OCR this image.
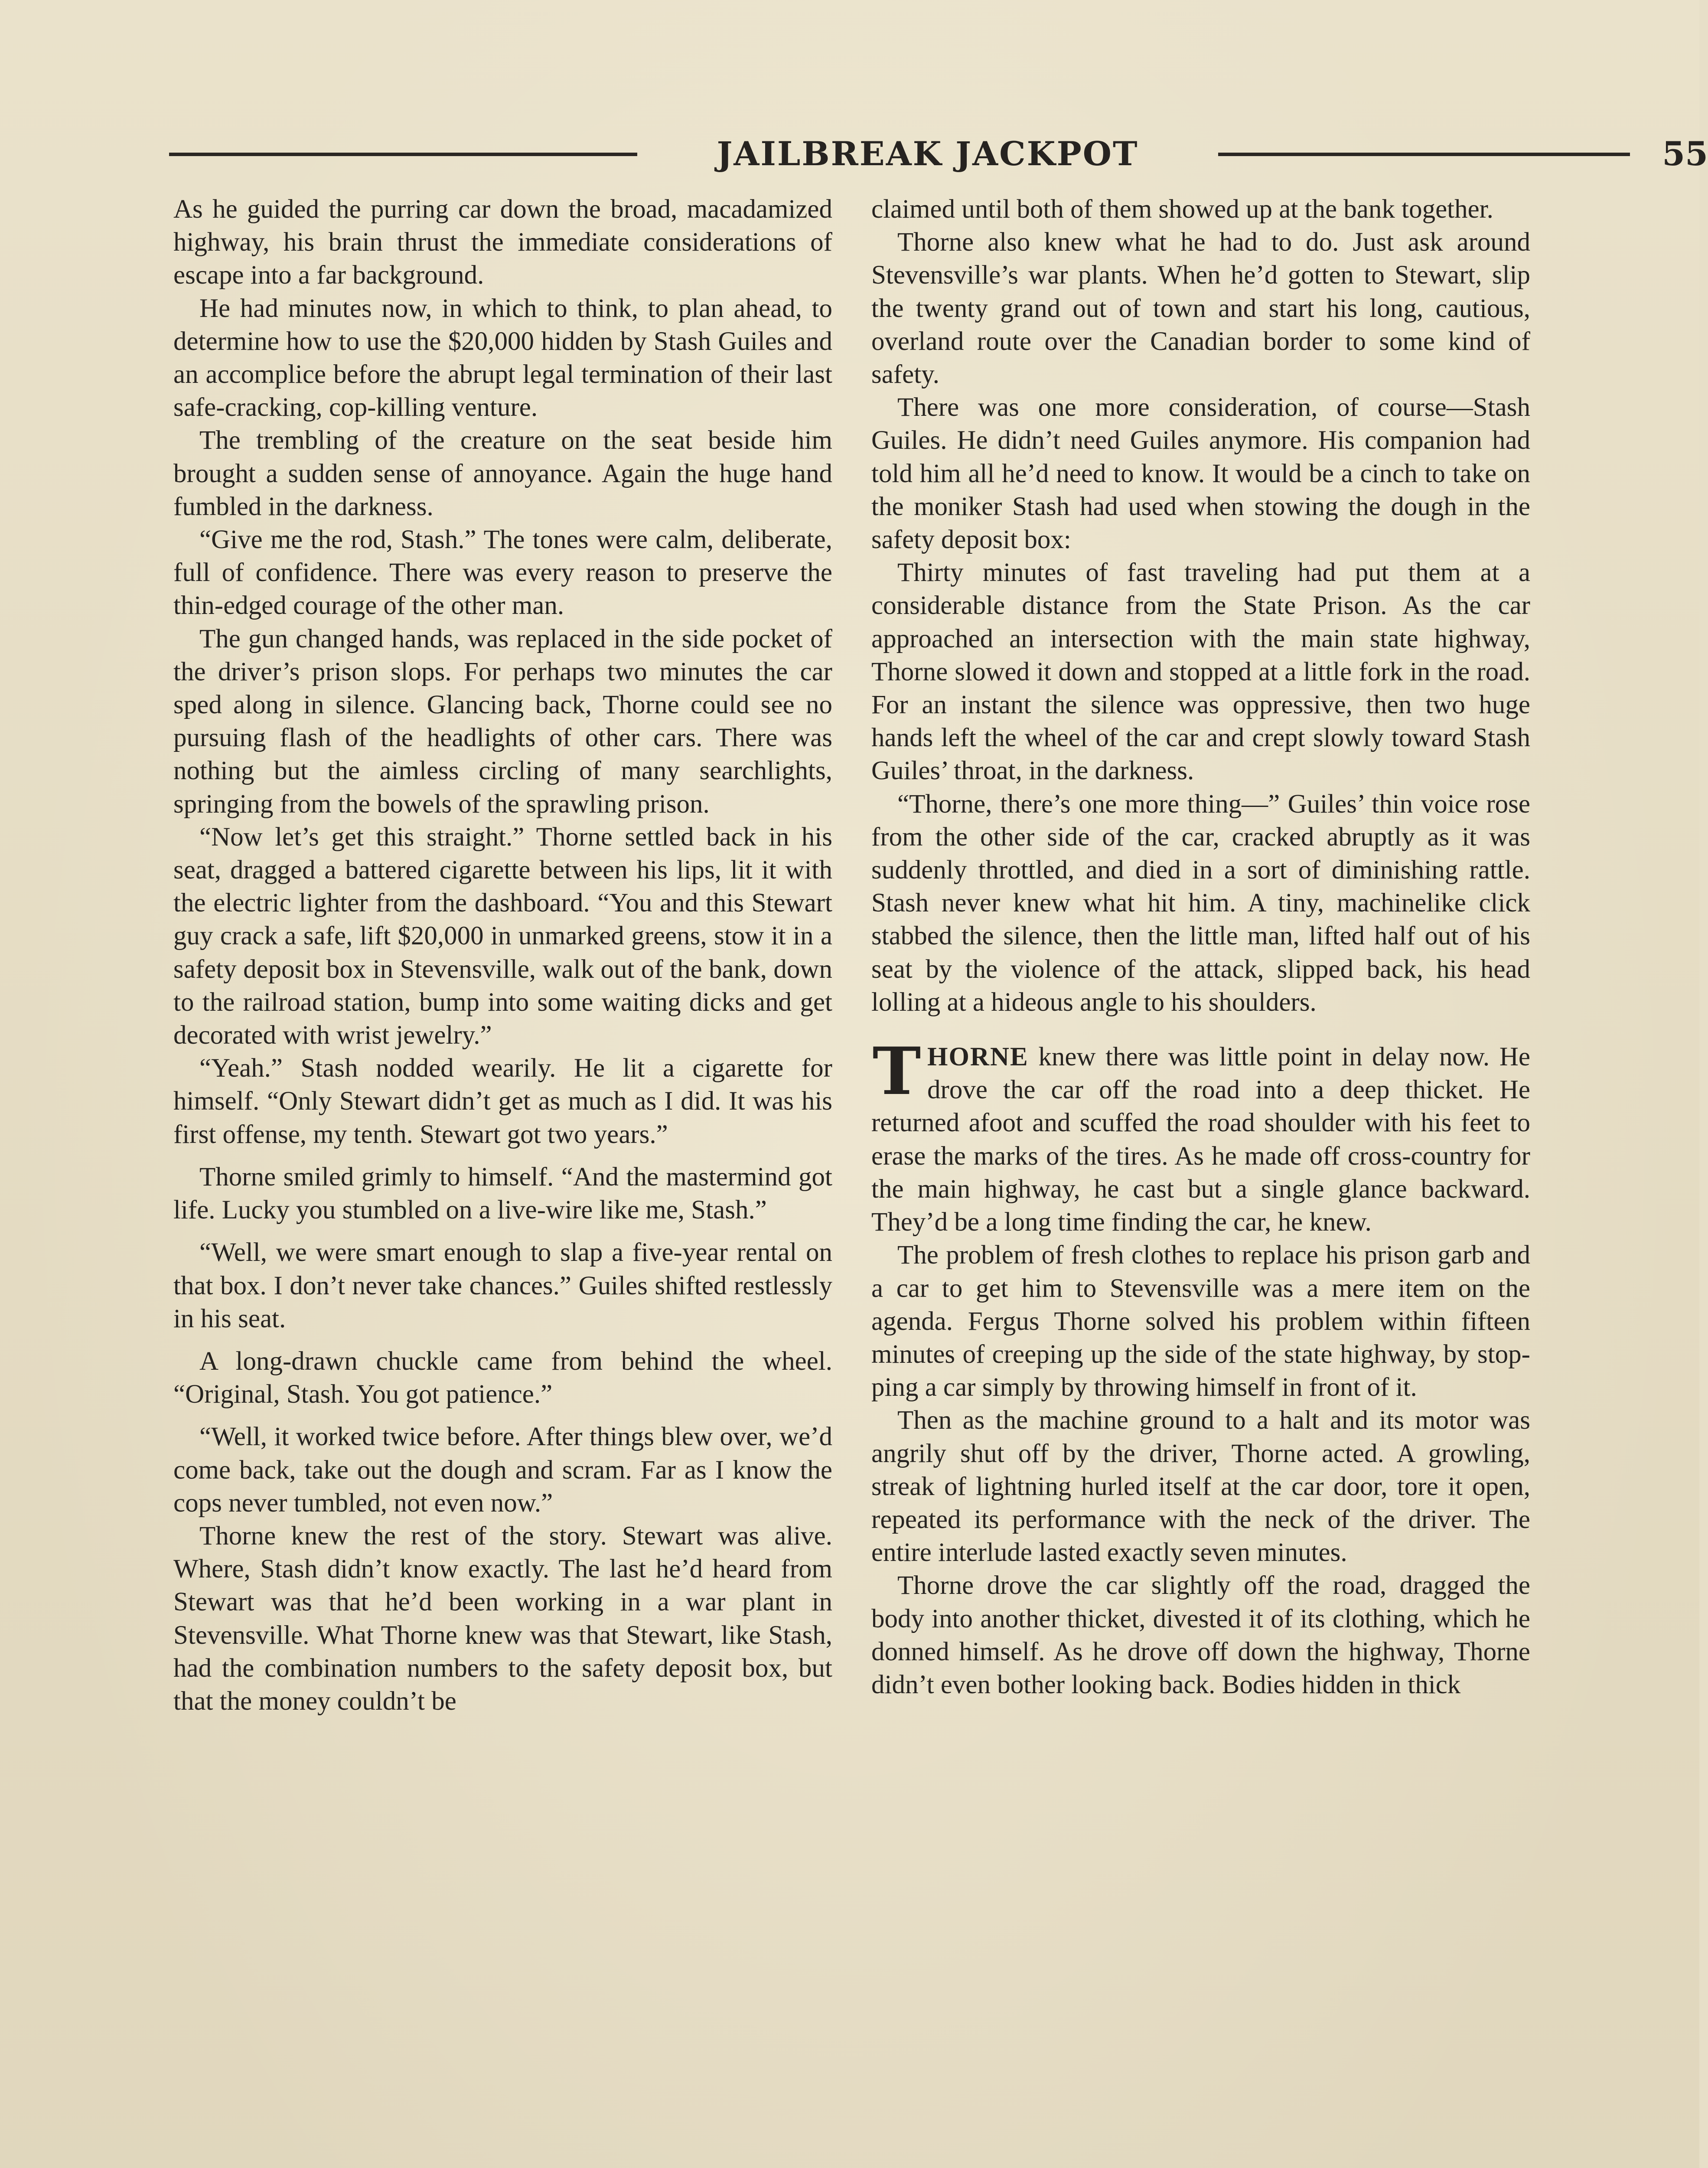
JAILBREAK JACKPOT	55

As he guided the purring car down the broad, macadamized highway, his brain thrust the immediate considerations of escape into a far background.

He had minutes now, in which to think, to plan ahead, to determine how to use the $20,000 hidden by Stash Guiles and an accomplice before the abrupt legal termination of their last safe-cracking, cop-killing venture.

The trembling of the creature on the seat beside him brought a sudden sense of annoyance. Again the huge hand fumbled in the darkness.

“Give me the rod, Stash.” The tones were calm, deliberate, full of confidence. There was every reason to preserve the thin-edged courage of the other man.

The gun changed hands, was replaced in the side pocket of the driver’s prison slops. For perhaps two minutes the car sped along in silence. Glancing back, Thorne could see no pursuing flash of the headlights of other cars. There was nothing but the aimless circling of many searchlights, springing from the bowels of the sprawling prison.

“Now let’s get this straight.” Thorne settled back in his seat, dragged a battered cigarette between his lips, lit it with the electric lighter from the dashboard. “You and this Stewart guy crack a safe, lift $20,000 in unmarked greens, stow it in a safety deposit box in Stevensville, walk out of the bank, down to the railroad station, bump into some waiting dicks and get decorated with wrist jewelry.”

“Yeah.” Stash nodded wearily. He lit a cigarette for himself. “Only Stewart didn’t get as much as I did. It was his first offense, my tenth. Stewart got two years.”

Thorne smiled grimly to himself. “And the mastermind got life. Lucky you stumbled on a live-wire like me, Stash.”

“Well, we were smart enough to slap a five-year rental on that box. I don’t never take chances.” Guiles shifted restlessly in his seat.

A long-drawn chuckle came from behind the wheel. “Original, Stash. You got patience.”

“Well, it worked twice before. After things blew over, we’d come back, take out the dough and scram. Far as I know the cops never tumbled, not even now.”

Thorne knew the rest of the story. Stewart was alive. Where, Stash didn’t know exactly. The last he’d heard from Stewart was that he’d been working in a war plant in Stevensville. What Thorne knew was that Stewart, like Stash, had the combination numbers to the safety deposit box, but that the money couldn’t be

claimed until both of them showed up at the bank together.

Thorne also knew what he had to do. Just ask around Stevensville’s war plants. When he’d gotten to Stewart, slip the twenty grand out of town and start his long, cautious, overland route over the Canadian border to some kind of safety.

There was one more consideration, of course—Stash Guiles. He didn’t need Guiles anymore. His companion had told him all he’d need to know. It would be a cinch to take on the moniker Stash had used when stowing the dough in the safety deposit box:

Thirty minutes of fast traveling had put them at a considerable distance from the State Prison. As the car approached an intersection with the main state highway, Thorne slowed it down and stopped at a little fork in the road. For an instant the silence was oppressive, then two huge hands left the wheel of the car and crept slowly toward Stash Guiles’ throat, in the darkness.

“Thorne, there’s one more thing—” Guiles’ thin voice rose from the other side of the car, cracked abruptly as it was suddenly throttled, and died in a sort of diminishing rattle. Stash never knew what hit him. A tiny, machinelike click stabbed the silence, then the little man, lifted half out of his seat by the violence of the attack, slipped back, his head lolling at a hideous angle to his shoulders.

THORNE knew there was little point in delay now. He drove the car off the road into a deep thicket. He returned afoot and scuffed the road shoulder with his feet to erase the marks of the tires. As he made off cross-country for the main highway, he cast but a single glance backward. They’d be a long time finding the car, he knew.

The problem of fresh clothes to replace his prison garb and a car to get him to Stevensville was a mere item on the agenda. Fergus Thorne solved his problem within fifteen minutes of creeping up the side of the state highway, by stopping a car simply by throwing himself in front of it.

Then as the machine ground to a halt and its motor was angrily shut off by the driver, Thorne acted. A growling, streak of lightning hurled itself at the car door, tore it open, repeated its performance with the neck of the driver. The entire interlude lasted exactly seven minutes.

Thorne drove the car slightly off the road, dragged the body into another thicket, divested it of its clothing, which he donned himself. As he drove off down the highway, Thorne didn’t even bother looking back. Bodies hidden in thick
